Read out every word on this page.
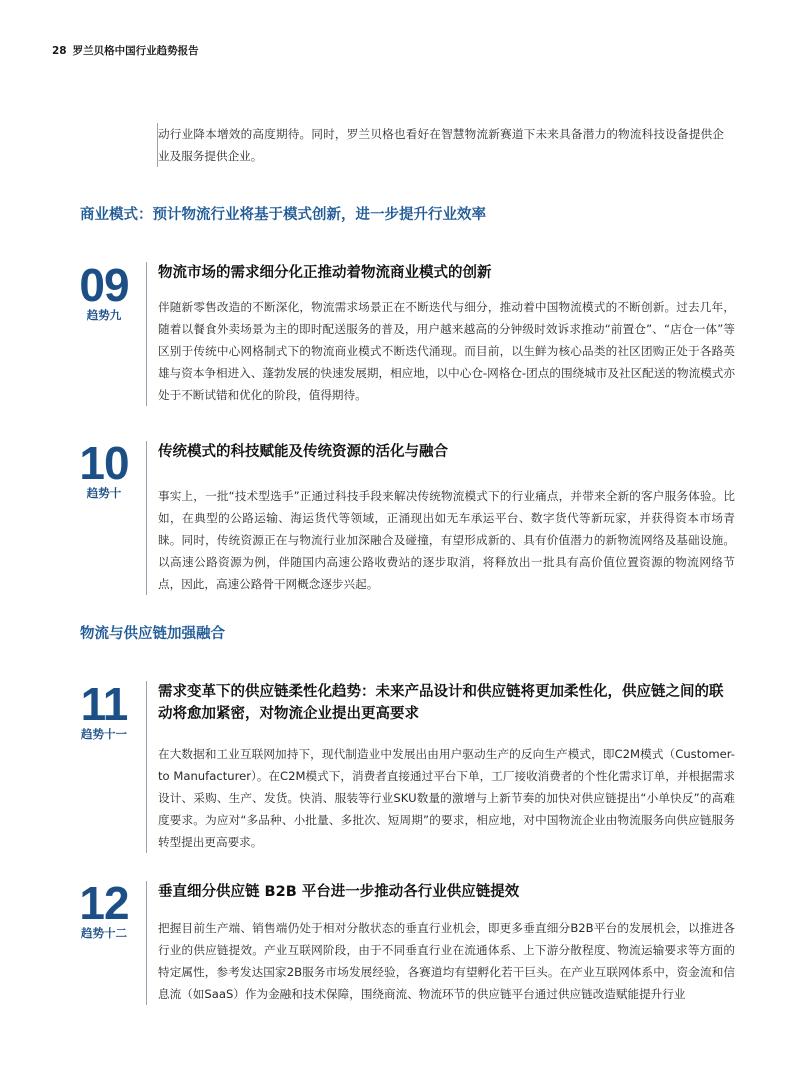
28 罗兰贝格中国行业趋势报告

动行业降本增效的高度期待。同时，罗兰贝格也看好在智慧物流新赛道下未来具备潜力的物流科技设备提供企业及服务提供企业。

商业模式：预计物流行业将基于模式创新，进一步提升行业效率
09
趋势九
物流市场的需求细分化正推动着物流商业模式的创新

伴随新零售改造的不断深化，物流需求场景正在不断迭代与细分，推动着中国物流模式的不断创新。过去几年，随着以餐食外卖场景为主的即时配送服务的普及，用户越来越高的分钟级时效诉求推动“前置仓”、“店仓一体”等区别于传统中心网格制式下的物流商业模式不断迭代涌现。而目前，以生鲜为核心品类的社区团购正处于各路英雄与资本争相进入、蓬勃发展的快速发展期，相应地，以中心仓-网格仓-团点的围绕城市及社区配送的物流模式亦处于不断试错和优化的阶段，值得期待。

10
趋势十
传统模式的科技赋能及传统资源的活化与融合

事实上，一批“技术型选手”正通过科技手段来解决传统物流模式下的行业痛点，并带来全新的客户服务体验。比如，在典型的公路运输、海运货代等领域，正涌现出如无车承运平台、数字货代等新玩家，并获得资本市场青睐。同时，传统资源正在与物流行业加深融合及碰撞，有望形成新的、具有价值潜力的新物流网络及基础设施。以高速公路资源为例，伴随国内高速公路收费站的逐步取消，将释放出一批具有高价值位置资源的物流网络节点，因此，高速公路骨干网概念逐步兴起。

物流与供应链加强融合
11
趋势十一
需求变革下的供应链柔性化趋势：未来产品设计和供应链将更加柔性化，供应链之间的联动将愈加紧密，对物流企业提出更高要求

在大数据和工业互联网加持下，现代制造业中发展出由用户驱动生产的反向生产模式，即C2M模式（Customer-to Manufacturer）。在C2M模式下，消费者直接通过平台下单，工厂接收消费者的个性化需求订单，并根据需求设计、采购、生产、发货。快消、服装等行业SKU数量的激增与上新节奏的加快对供应链提出“小单快反”的高难度要求。为应对“多品种、小批量、多批次、短周期”的要求，相应地，对中国物流企业由物流服务向供应链服务转型提出更高要求。

12
趋势十二
垂直细分供应链 B2B 平台进一步推动各行业供应链提效

把握目前生产端、销售端仍处于相对分散状态的垂直行业机会，即更多垂直细分B2B平台的发展机会，以推进各行业的供应链提效。产业互联网阶段，由于不同垂直行业在流通体系、上下游分散程度、物流运输要求等方面的特定属性，参考发达国家2B服务市场发展经验，各赛道均有望孵化若干巨头。在产业互联网体系中，资金流和信息流（如SaaS）作为金融和技术保障，围绕商流、物流环节的供应链平台通过供应链改造赋能提升行业
